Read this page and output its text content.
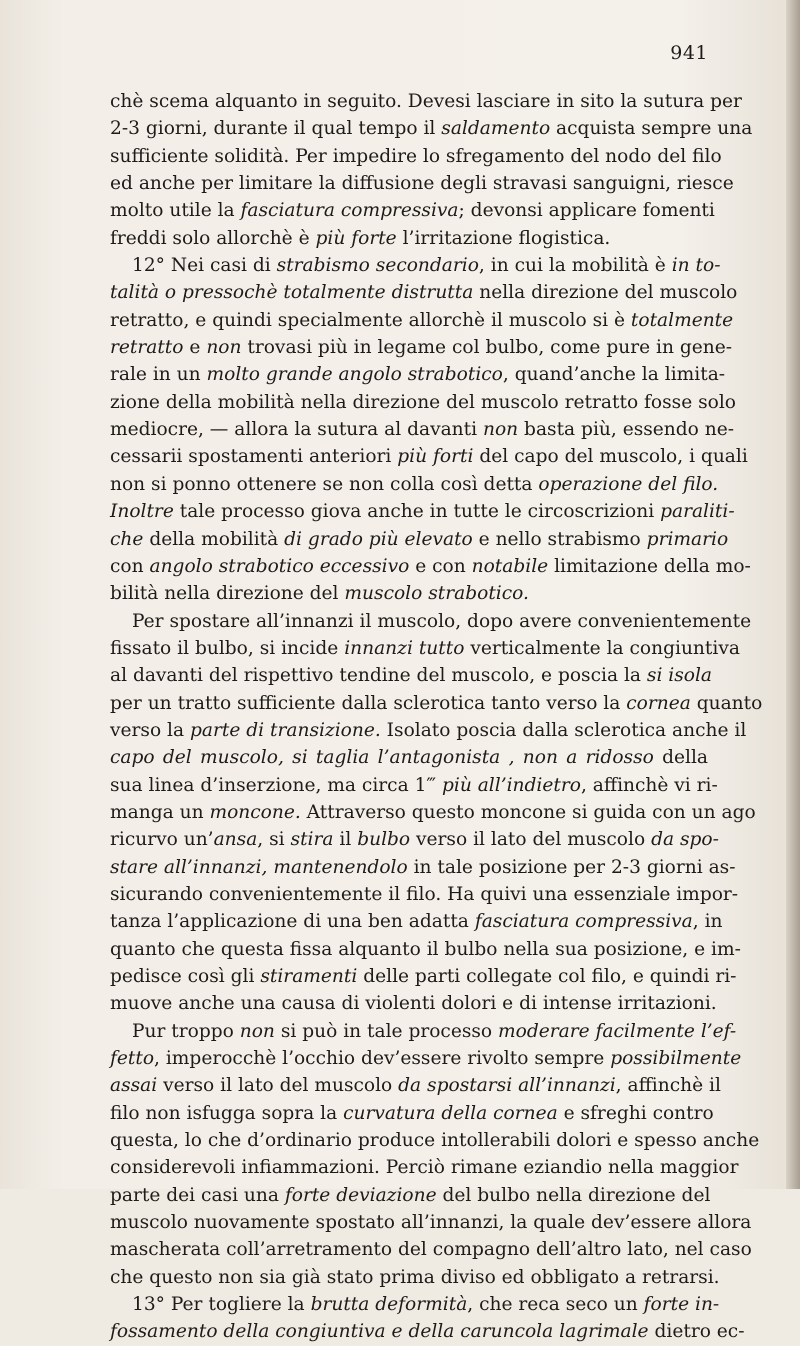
941
chè scema alquanto in seguito. Devesi lasciare in sito la sutura per
2-3 giorni, durante il qual tempo il saldamento acquista sempre una
sufficiente solidità. Per impedire lo sfregamento del nodo del filo
ed anche per limitare la diffusione degli stravasi sanguigni, riesce
molto utile la fasciatura compressiva; devonsi applicare fomenti
freddi solo allorchè è più forte l’irritazione flogistica.
12° Nei casi di strabismo secondario, in cui la mobilità è in to-
talità o pressochè totalmente distrutta nella direzione del muscolo
retratto, e quindi specialmente allorchè il muscolo si è totalmente
retratto e non trovasi più in legame col bulbo, come pure in gene-
rale in un molto grande angolo strabotico, quand’anche la limita-
zione della mobilità nella direzione del muscolo retratto fosse solo
mediocre, — allora la sutura al davanti non basta più, essendo ne-
cessarii spostamenti anteriori più forti del capo del muscolo, i quali
non si ponno ottenere se non colla così detta operazione del filo.
Inoltre tale processo giova anche in tutte le circoscrizioni paraliti-
che della mobilità di grado più elevato e nello strabismo primario
con angolo strabotico eccessivo e con notabile limitazione della mo-
bilità nella direzione del muscolo strabotico.
Per spostare all’innanzi il muscolo, dopo avere convenientemente
fissato il bulbo, si incide innanzi tutto verticalmente la congiuntiva
al davanti del rispettivo tendine del muscolo, e poscia la si isola
per un tratto sufficiente dalla sclerotica tanto verso la cornea quanto
verso la parte di transizione. Isolato poscia dalla sclerotica anche il
capo del muscolo, si taglia l’antagonista , non a ridosso della
sua linea d’inserzione, ma circa 1‴ più all’indietro, affinchè vi ri-
manga un moncone. Attraverso questo moncone si guida con un ago
ricurvo un’ansa, si stira il bulbo verso il lato del muscolo da spo-
stare all’innanzi, mantenendolo in tale posizione per 2-3 giorni as-
sicurando convenientemente il filo. Ha quivi una essenziale impor-
tanza l’applicazione di una ben adatta fasciatura compressiva, in
quanto che questa fissa alquanto il bulbo nella sua posizione, e im-
pedisce così gli stiramenti delle parti collegate col filo, e quindi ri-
muove anche una causa di violenti dolori e di intense irritazioni.
Pur troppo non si può in tale processo moderare facilmente l’ef-
fetto, imperocchè l’occhio dev’essere rivolto sempre possibilmente
assai verso il lato del muscolo da spostarsi all’innanzi, affinchè il
filo non isfugga sopra la curvatura della cornea e sfreghi contro
questa, lo che d’ordinario produce intollerabili dolori e spesso anche
considerevoli infiammazioni. Perciò rimane eziandio nella maggior
parte dei casi una forte deviazione del bulbo nella direzione del
muscolo nuovamente spostato all’innanzi, la quale dev’essere allora
mascherata coll’arretramento del compagno dell’altro lato, nel caso
che questo non sia già stato prima diviso ed obbligato a retrarsi.
13° Per togliere la brutta deformità, che reca seco un forte in-
fossamento della congiuntiva e della caruncola lagrimale dietro ec-
